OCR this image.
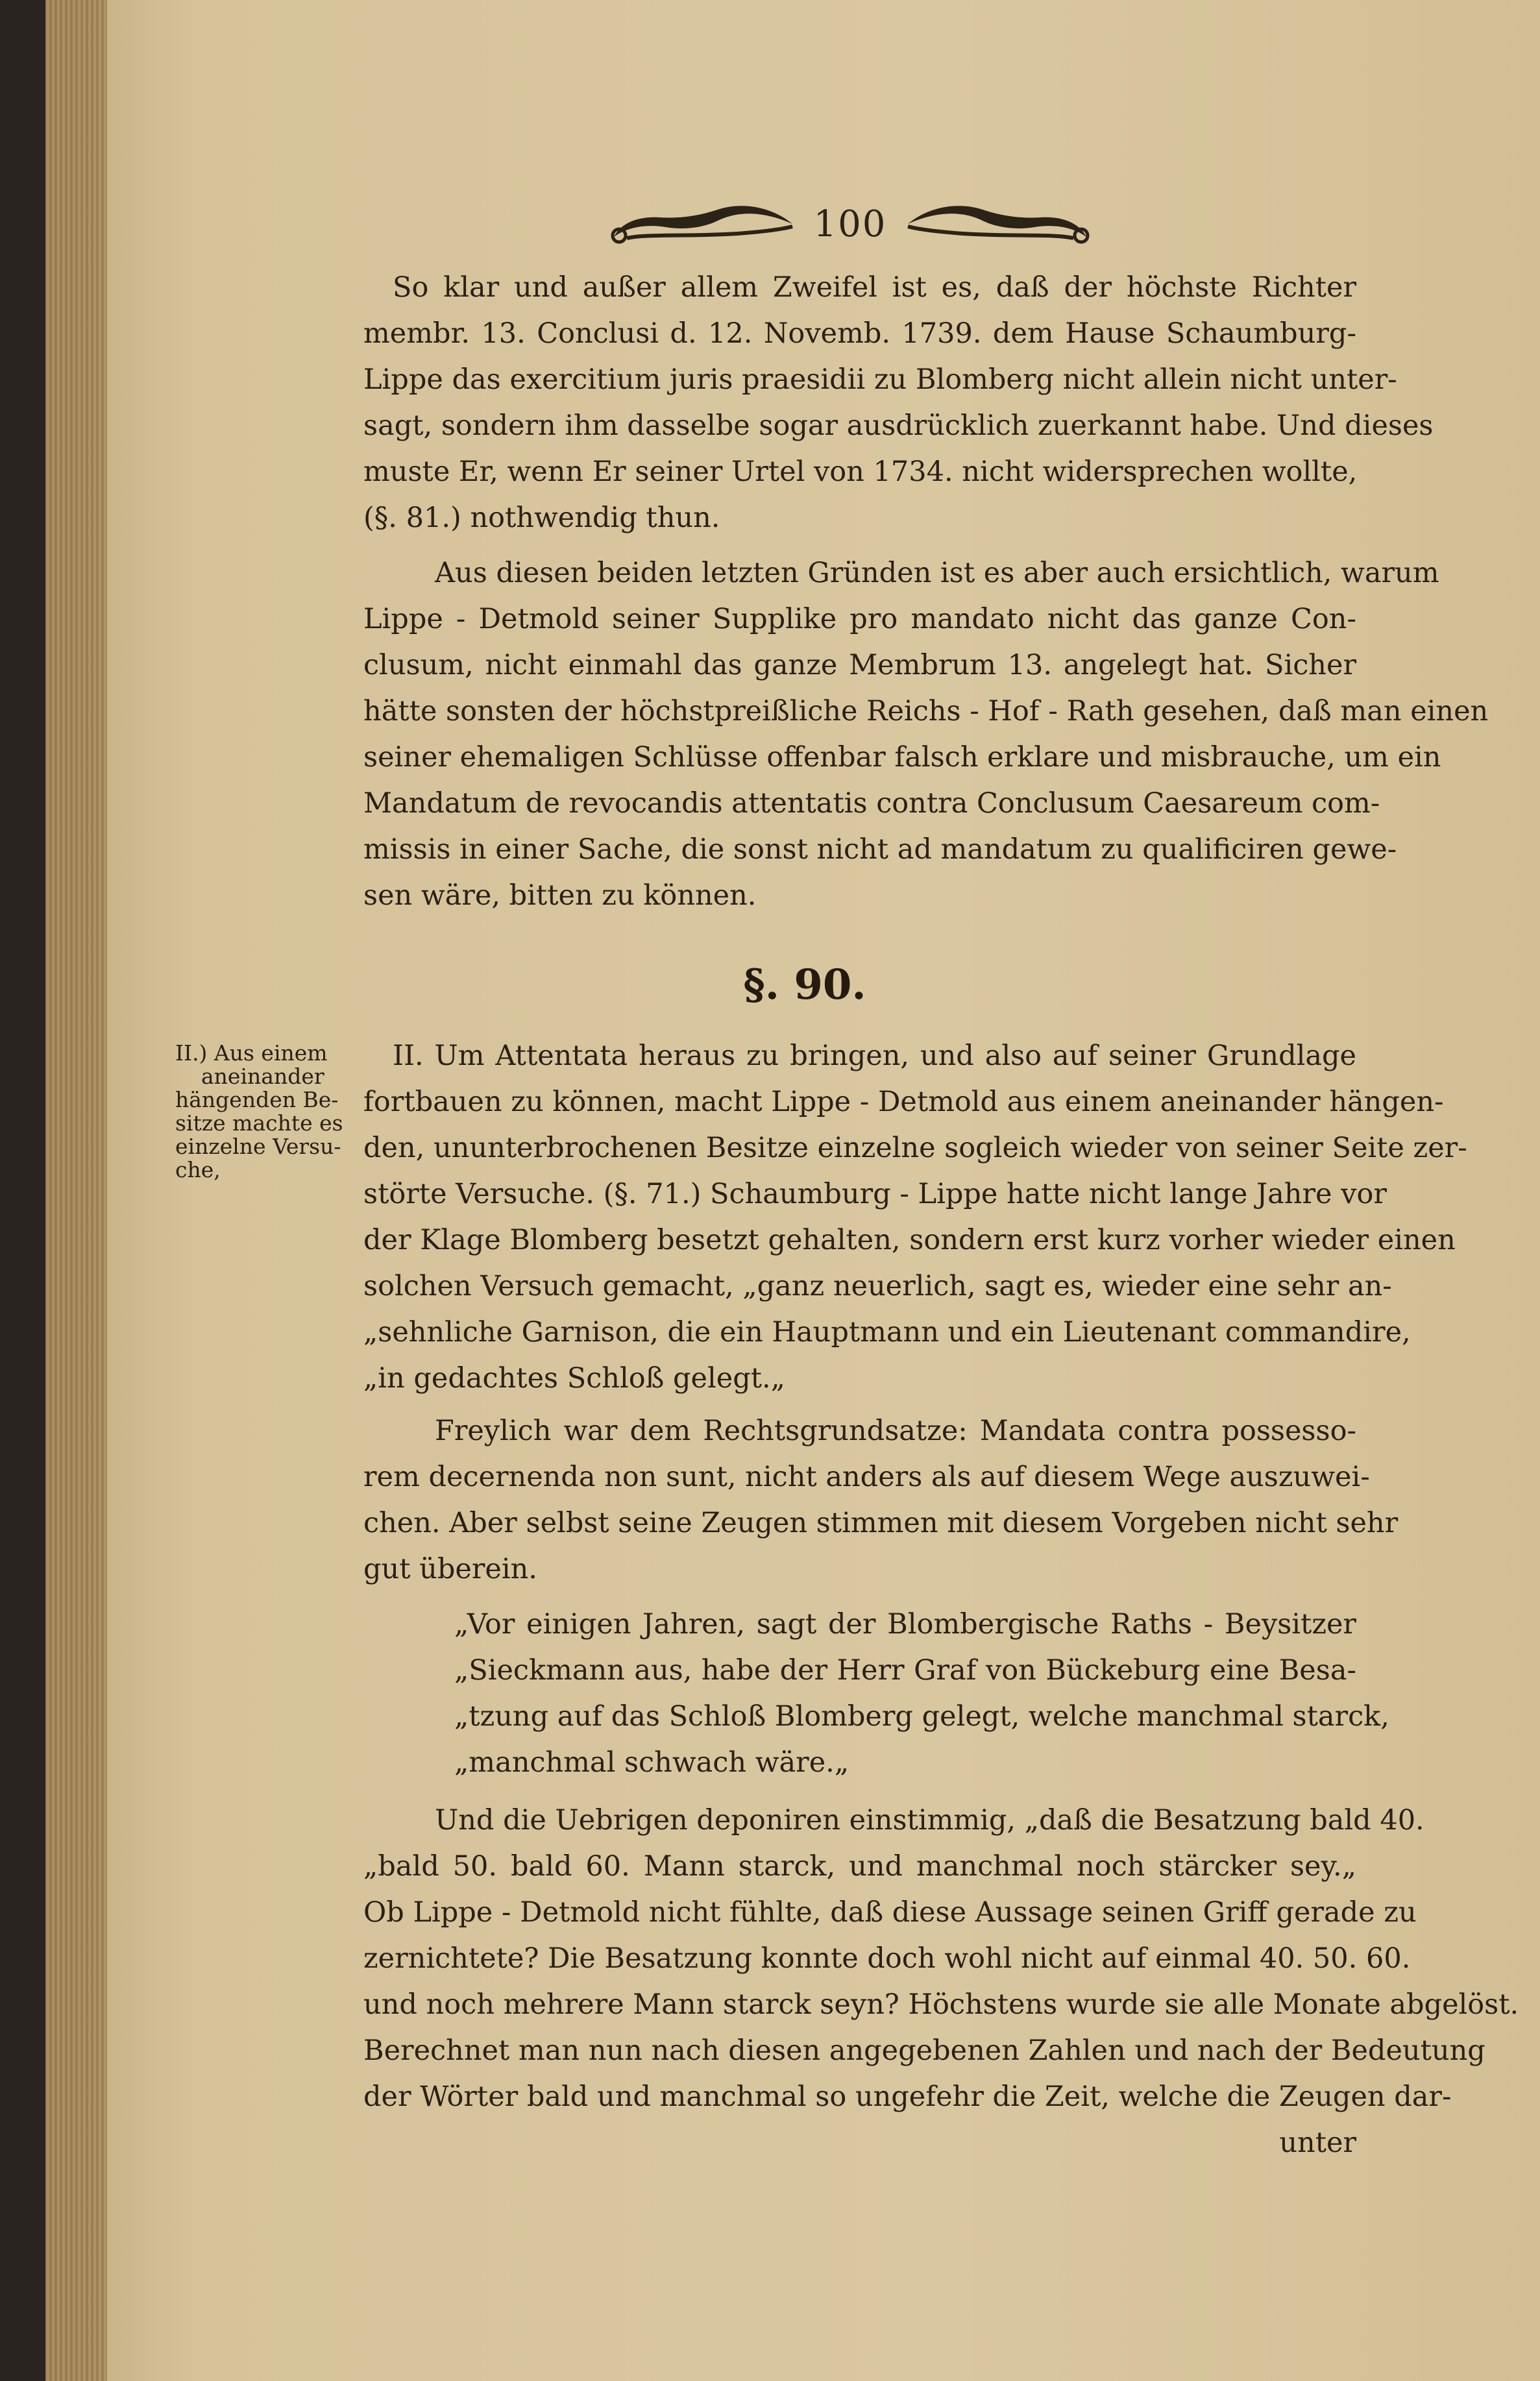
100
So klar und außer allem Zweifel ist es, daß der höchste Richter
membr. 13. Conclusi d. 12. Novemb. 1739. dem Hause Schaumburg-
Lippe das exercitium juris praesidii zu Blomberg nicht allein nicht unter-
sagt, sondern ihm dasselbe sogar ausdrücklich zuerkannt habe. Und dieses
muste Er, wenn Er seiner Urtel von 1734. nicht widersprechen wollte,
(§. 81.) nothwendig thun.
Aus diesen beiden letzten Gründen ist es aber auch ersichtlich, warum
Lippe - Detmold seiner Supplike pro mandato nicht das ganze Con-
clusum, nicht einmahl das ganze Membrum 13. angelegt hat. Sicher
hätte sonsten der höchstpreißliche Reichs - Hof - Rath gesehen, daß man einen
seiner ehemaligen Schlüsse offenbar falsch erklare und misbrauche, um ein
Mandatum de revocandis attentatis contra Conclusum Caesareum com-
missis in einer Sache, die sonst nicht ad mandatum zu qualificiren gewe-
sen wäre, bitten zu können.
§. 90.
II.) Aus einem
aneinander
hängenden Be-
sitze machte es
einzelne Versu-
che,
II. Um Attentata heraus zu bringen, und also auf seiner Grundlage
fortbauen zu können, macht Lippe - Detmold aus einem aneinander hängen-
den, ununterbrochenen Besitze einzelne sogleich wieder von seiner Seite zer-
störte Versuche. (§. 71.) Schaumburg - Lippe hatte nicht lange Jahre vor
der Klage Blomberg besetzt gehalten, sondern erst kurz vorher wieder einen
solchen Versuch gemacht, „ganz neuerlich, sagt es, wieder eine sehr an-
„sehnliche Garnison, die ein Hauptmann und ein Lieutenant commandire,
„in gedachtes Schloß gelegt.„
Freylich war dem Rechtsgrundsatze: Mandata contra possesso-
rem decernenda non sunt, nicht anders als auf diesem Wege auszuwei-
chen. Aber selbst seine Zeugen stimmen mit diesem Vorgeben nicht sehr
gut überein.
„Vor einigen Jahren, sagt der Blombergische Raths - Beysitzer
„Sieckmann aus, habe der Herr Graf von Bückeburg eine Besa-
„tzung auf das Schloß Blomberg gelegt, welche manchmal starck,
„manchmal schwach wäre.„
Und die Uebrigen deponiren einstimmig, „daß die Besatzung bald 40.
„bald 50. bald 60. Mann starck, und manchmal noch stärcker sey.„
Ob Lippe - Detmold nicht fühlte, daß diese Aussage seinen Griff gerade zu
zernichtete? Die Besatzung konnte doch wohl nicht auf einmal 40. 50. 60.
und noch mehrere Mann starck seyn? Höchstens wurde sie alle Monate abgelöst.
Berechnet man nun nach diesen angegebenen Zahlen und nach der Bedeutung
der Wörter bald und manchmal so ungefehr die Zeit, welche die Zeugen dar-
unter
